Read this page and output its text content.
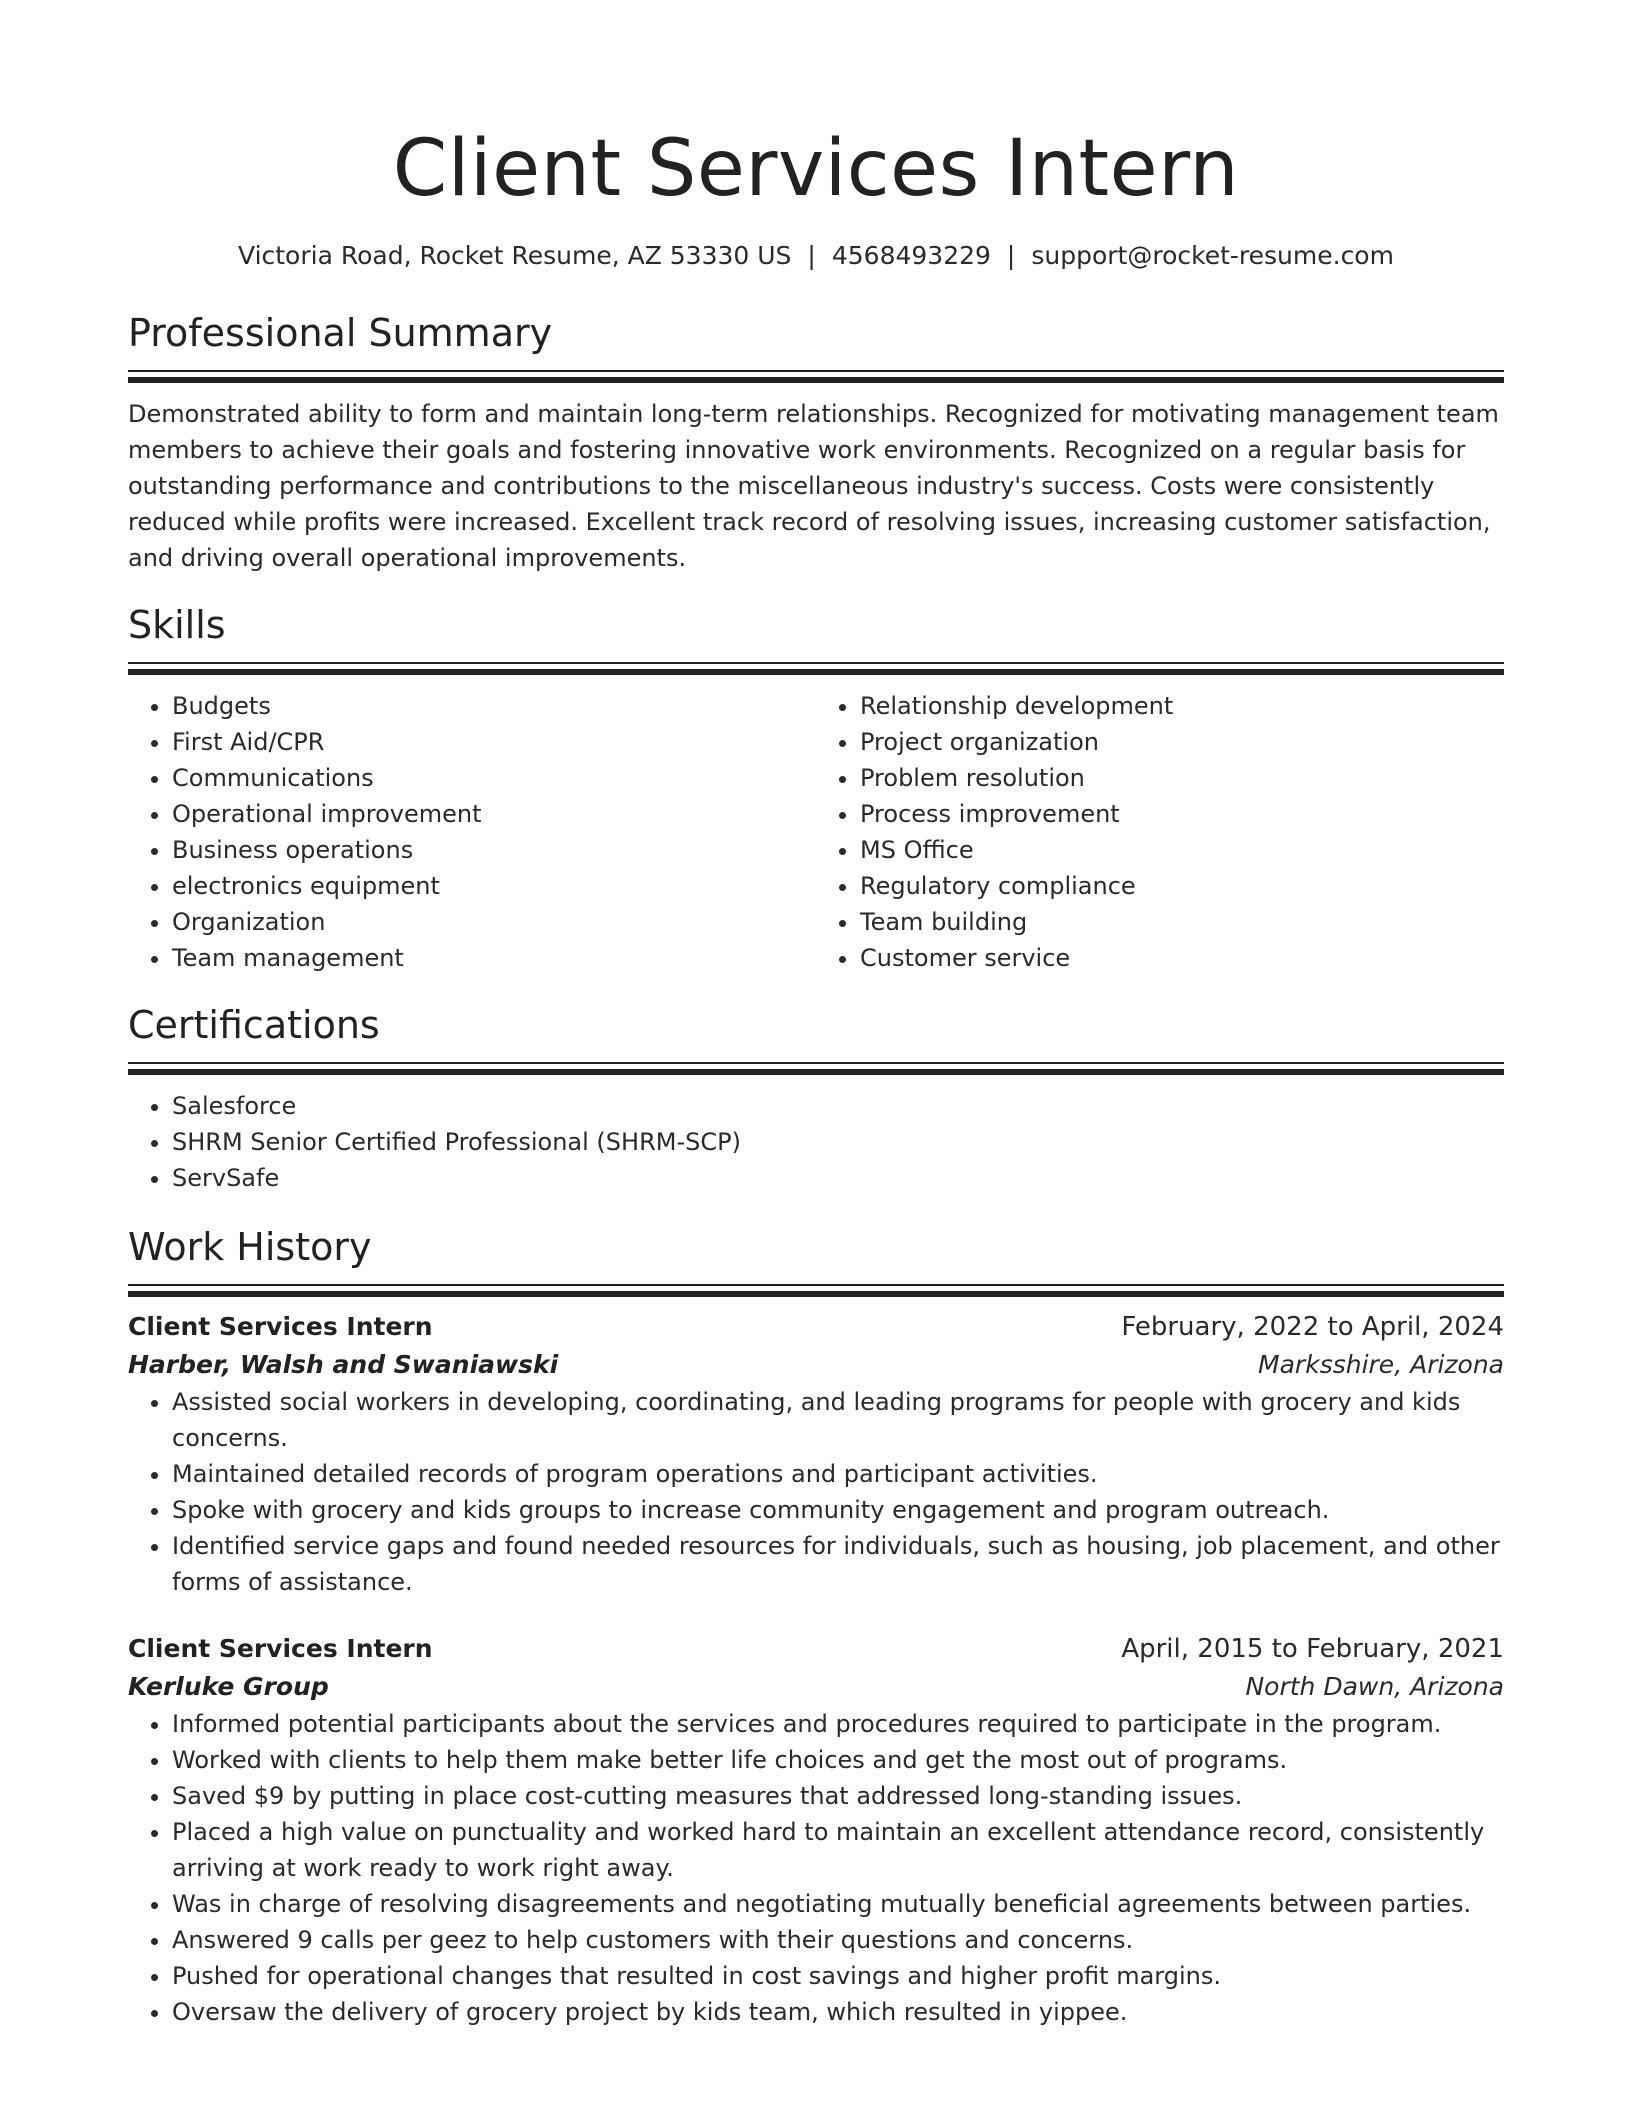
Client Services Intern
Victoria Road, Rocket Resume, AZ 53330 US | 4568493229 | support@rocket-resume.com
Professional Summary
Demonstrated ability to form and maintain long-term relationships. Recognized for motivating management team members to achieve their goals and fostering innovative work environments. Recognized on a regular basis for outstanding performance and contributions to the miscellaneous industry's success. Costs were consistently reduced while profits were increased. Excellent track record of resolving issues, increasing customer satisfaction, and driving overall operational improvements.
Skills
• Budgets
• First Aid/CPR
• Communications
• Operational improvement
• Business operations
• electronics equipment
• Organization
• Team management
• Relationship development
• Project organization
• Problem resolution
• Process improvement
• MS Office
• Regulatory compliance
• Team building
• Customer service
Certifications
• Salesforce
• SHRM Senior Certified Professional (SHRM-SCP)
• ServSafe
Work History
Client Services Intern	February, 2022 to April, 2024
Harber, Walsh and Swaniawski	Marksshire, Arizona
• Assisted social workers in developing, coordinating, and leading programs for people with grocery and kids concerns.
• Maintained detailed records of program operations and participant activities.
• Spoke with grocery and kids groups to increase community engagement and program outreach.
• Identified service gaps and found needed resources for individuals, such as housing, job placement, and other forms of assistance.
Client Services Intern	April, 2015 to February, 2021
Kerluke Group	North Dawn, Arizona
• Informed potential participants about the services and procedures required to participate in the program.
• Worked with clients to help them make better life choices and get the most out of programs.
• Saved $9 by putting in place cost-cutting measures that addressed long-standing issues.
• Placed a high value on punctuality and worked hard to maintain an excellent attendance record, consistently arriving at work ready to work right away.
• Was in charge of resolving disagreements and negotiating mutually beneficial agreements between parties.
• Answered 9 calls per geez to help customers with their questions and concerns.
• Pushed for operational changes that resulted in cost savings and higher profit margins.
• Oversaw the delivery of grocery project by kids team, which resulted in yippee.
